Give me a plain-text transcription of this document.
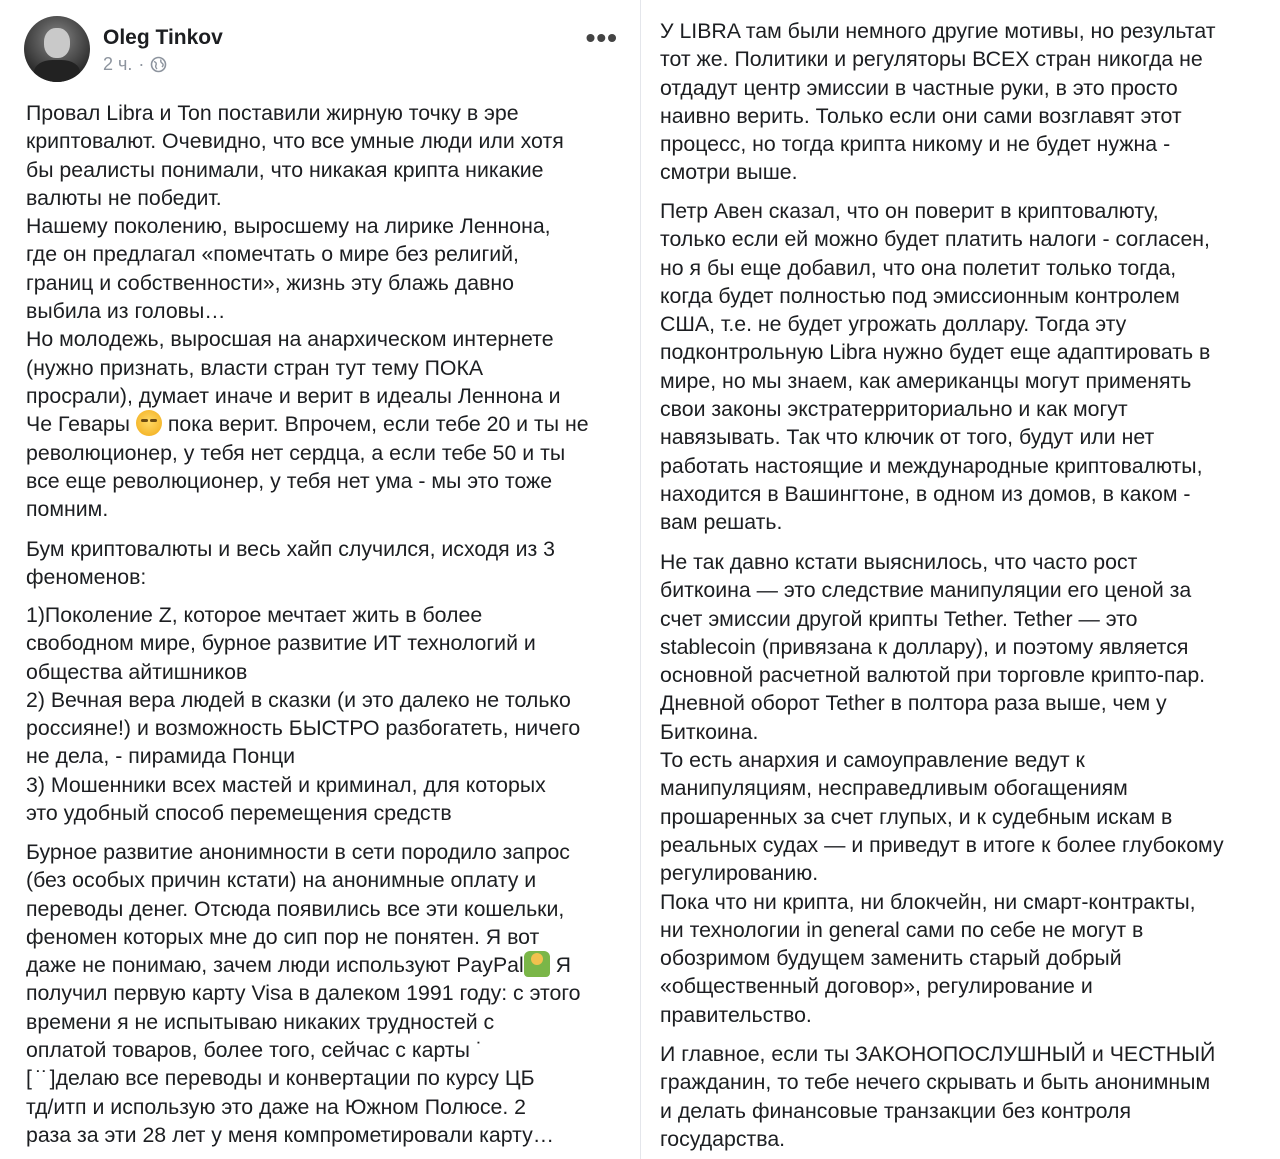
Oleg Tinkov
2 ч. ·
•••
Провал Libra и Ton поставили жирную точку в эре
криптовалют. Очевидно, что все умные люди или хотя
бы реалисты понимали, что никакая крипта никакие
валюты не победит.
Нашему поколению, выросшему на лирике Леннона,
где он предлагал «помечтать о мире без религий,
границ и собственности», жизнь эту блажь давно
выбила из головы…
Но молодежь, выросшая на анархическом интернете
(нужно признать, власти стран тут тему ПОКА
просрали), думает иначе и верит в идеалы Леннона и
Че Гевары  пока верит. Впрочем, если тебе 20 и ты не
революционер, у тебя нет сердца, а если тебе 50 и ты
все еще революционер, у тебя нет ума - мы это тоже
помним.
Бум криптовалюты и весь хайп случился, исходя из 3
феноменов:
1)Поколение Z, которое мечтает жить в более
свободном мире, бурное развитие ИТ технологий и
общества айтишников
2) Вечная вера людей в сказки (и это далеко не только
россияне!) и возможность БЫСТРО разбогатеть, ничего
не дела, - пирамида Понци
3) Мошенники всех мастей и криминал, для которых
это удобный способ перемещения средств
Бурное развитие анонимности в сети породило запрос
(без особых причин кстати) на анонимные оплату и
переводы денег. Отсюда появились все эти кошельки,
феномен которых мне до сип пор не понятен. Я вот
даже не понимаю, зачем люди используют PayPal Я
получил первую карту Visa в далеком 1991 году: с этого
времени я не испытываю никаких трудностей с
оплатой товаров, более того, сейчас с карты ˙
[ ̇ ̇ ]делаю все переводы и конвертации по курсу ЦБ
тд/итп и использую это даже на Южном Полюсе. 2
раза за эти 28 лет у меня компрометировали карту…
У LIBRA там были немного другие мотивы, но результат
тот же. Политики и регуляторы ВСЕХ стран никогда не
отдадут центр эмиссии в частные руки, в это просто
наивно верить. Только если они сами возглавят этот
процесс, но тогда крипта никому и не будет нужна -
смотри выше.
Петр Авен сказал, что он поверит в криптовалюту,
только если ей можно будет платить налоги - согласен,
но я бы еще добавил, что она полетит только тогда,
когда будет полностью под эмиссионным контролем
США, т.е. не будет угрожать доллару. Тогда эту
подконтрольную Libra нужно будет еще адаптировать в
мире, но мы знаем, как американцы могут применять
свои законы экстратерриториально и как могут
навязывать. Так что ключик от того, будут или нет
работать настоящие и международные криптовалюты,
находится в Вашингтоне, в одном из домов, в каком -
вам решать.
Не так давно кстати выяснилось, что часто рост
биткоина — это следствие манипуляции его ценой за
счет эмиссии другой крипты Tether. Tether — это
stablecoin (привязана к доллару), и поэтому является
основной расчетной валютой при торговле крипто-пар.
Дневной оборот Tether в полтора раза выше, чем у
Биткоина.
То есть анархия и самоуправление ведут к
манипуляциям, несправедливым обогащениям
прошаренных за счет глупых, и к судебным искам в
реальных судах — и приведут в итоге к более глубокому
регулированию.
Пока что ни крипта, ни блокчейн, ни смарт-контракты,
ни технологии in general сами по себе не могут в
обозримом будущем заменить старый добрый
«общественный договор», регулирование и
правительство.
И главное, если ты ЗАКОНОПОСЛУШНЫЙ и ЧЕСТНЫЙ
гражданин, то тебе нечего скрывать и быть анонимным
и делать финансовые транзакции без контроля
государства.
